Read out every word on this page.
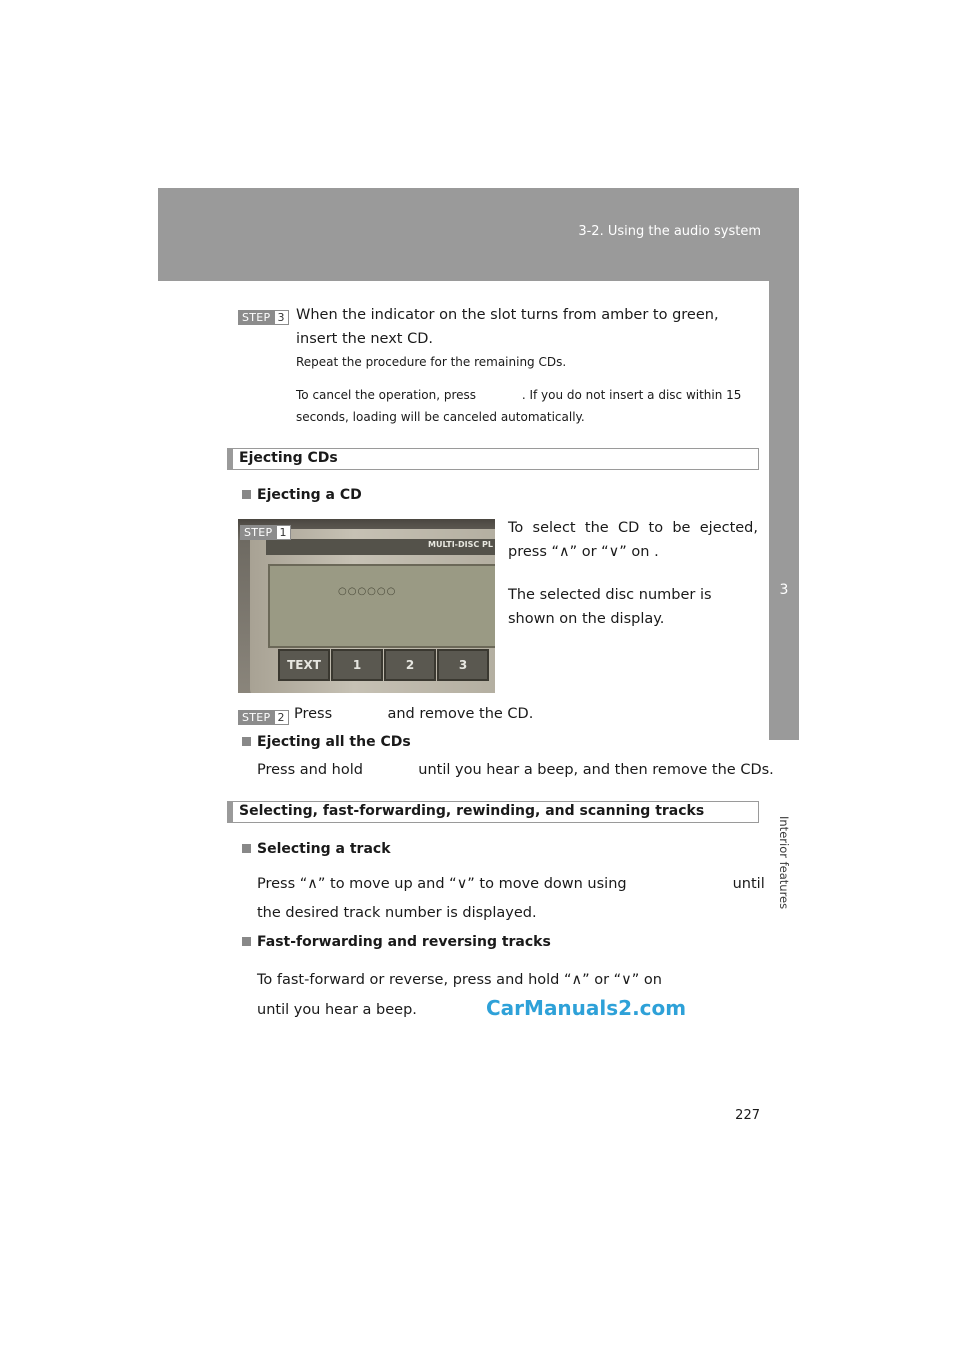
3-2. Using the audio system
3
Interior features
STEP 3 When the indicator on the slot turns from amber to green, insert the next CD.
Repeat the procedure for the remaining CDs.
To cancel the operation, press            . If you do not insert a disc within 15 seconds, loading will be canceled automatically.
Ejecting CDs
Ejecting a CD
MULTI-DISC PL
○○○○○○
TEXT	1	2	3
STEP 1	To select the CD to be ejected, press “∧” or “∨” on .
The selected disc number is shown on the display.
STEP 2 Press            and remove the CD.
Ejecting all the CDs
Press and hold            until you hear a beep, and then remove the CDs.
Selecting, fast-forwarding, rewinding, and scanning tracks
Selecting a track
Press “∧” to move up and “∨” to move down using                       until
the desired track number is displayed.
Fast-forwarding and reversing tracks
To fast-forward or reverse, press and hold “∧” or “∨” on
until you hear a beep.	CarManuals2.com
227
